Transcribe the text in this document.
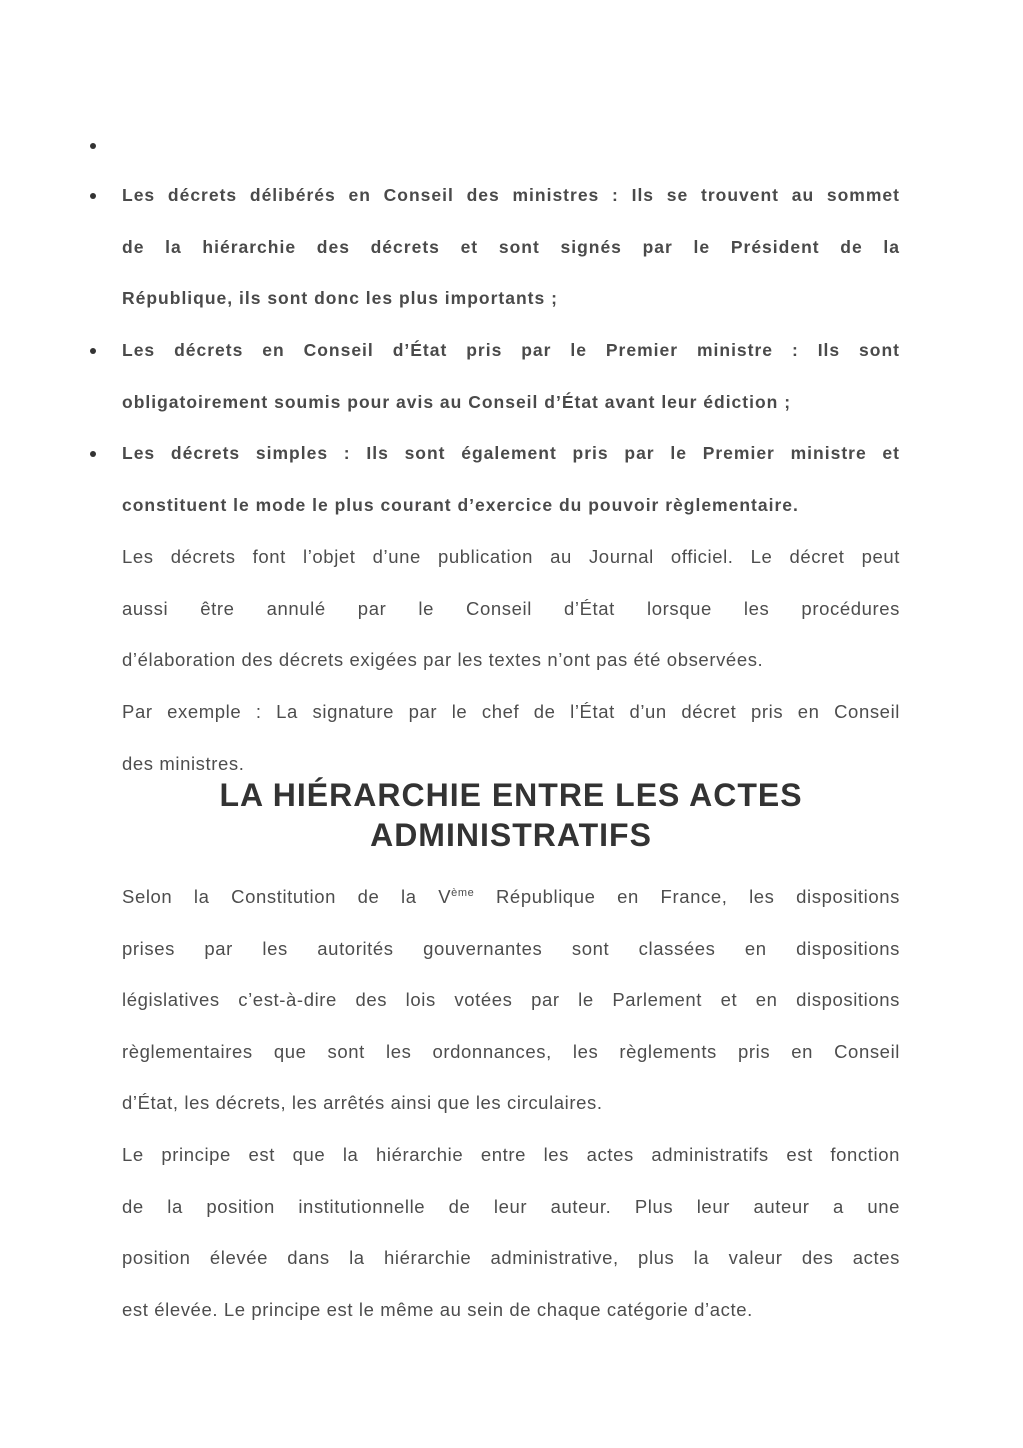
Les décrets délibérés en Conseil des ministres : Ils se trouvent au sommet
de la hiérarchie des décrets et sont signés par le Président de la
République, ils sont donc les plus importants ;
Les décrets en Conseil d’État pris par le Premier ministre : Ils sont
obligatoirement soumis pour avis au Conseil d’État avant leur édiction ;
Les décrets simples : Ils sont également pris par le Premier ministre et
constituent le mode le plus courant d’exercice du pouvoir règlementaire.
Les décrets font l’objet d’une publication au Journal officiel. Le décret peut
aussi être annulé par le Conseil d’État lorsque les procédures
d’élaboration des décrets exigées par les textes n’ont pas été observées.
Par exemple : La signature par le chef de l’État d’un décret pris en Conseil
des ministres.
LA HIÉRARCHIE ENTRE LES ACTES
ADMINISTRATIFS
Selon la Constitution de la Vème République en France, les dispositions
prises par les autorités gouvernantes sont classées en dispositions
législatives c’est-à-dire des lois votées par le Parlement et en dispositions
règlementaires que sont les ordonnances, les règlements pris en Conseil
d’État, les décrets, les arrêtés ainsi que les circulaires.
Le principe est que la hiérarchie entre les actes administratifs est fonction
de la position institutionnelle de leur auteur. Plus leur auteur a une
position élevée dans la hiérarchie administrative, plus la valeur des actes
est élevée. Le principe est le même au sein de chaque catégorie d’acte.
